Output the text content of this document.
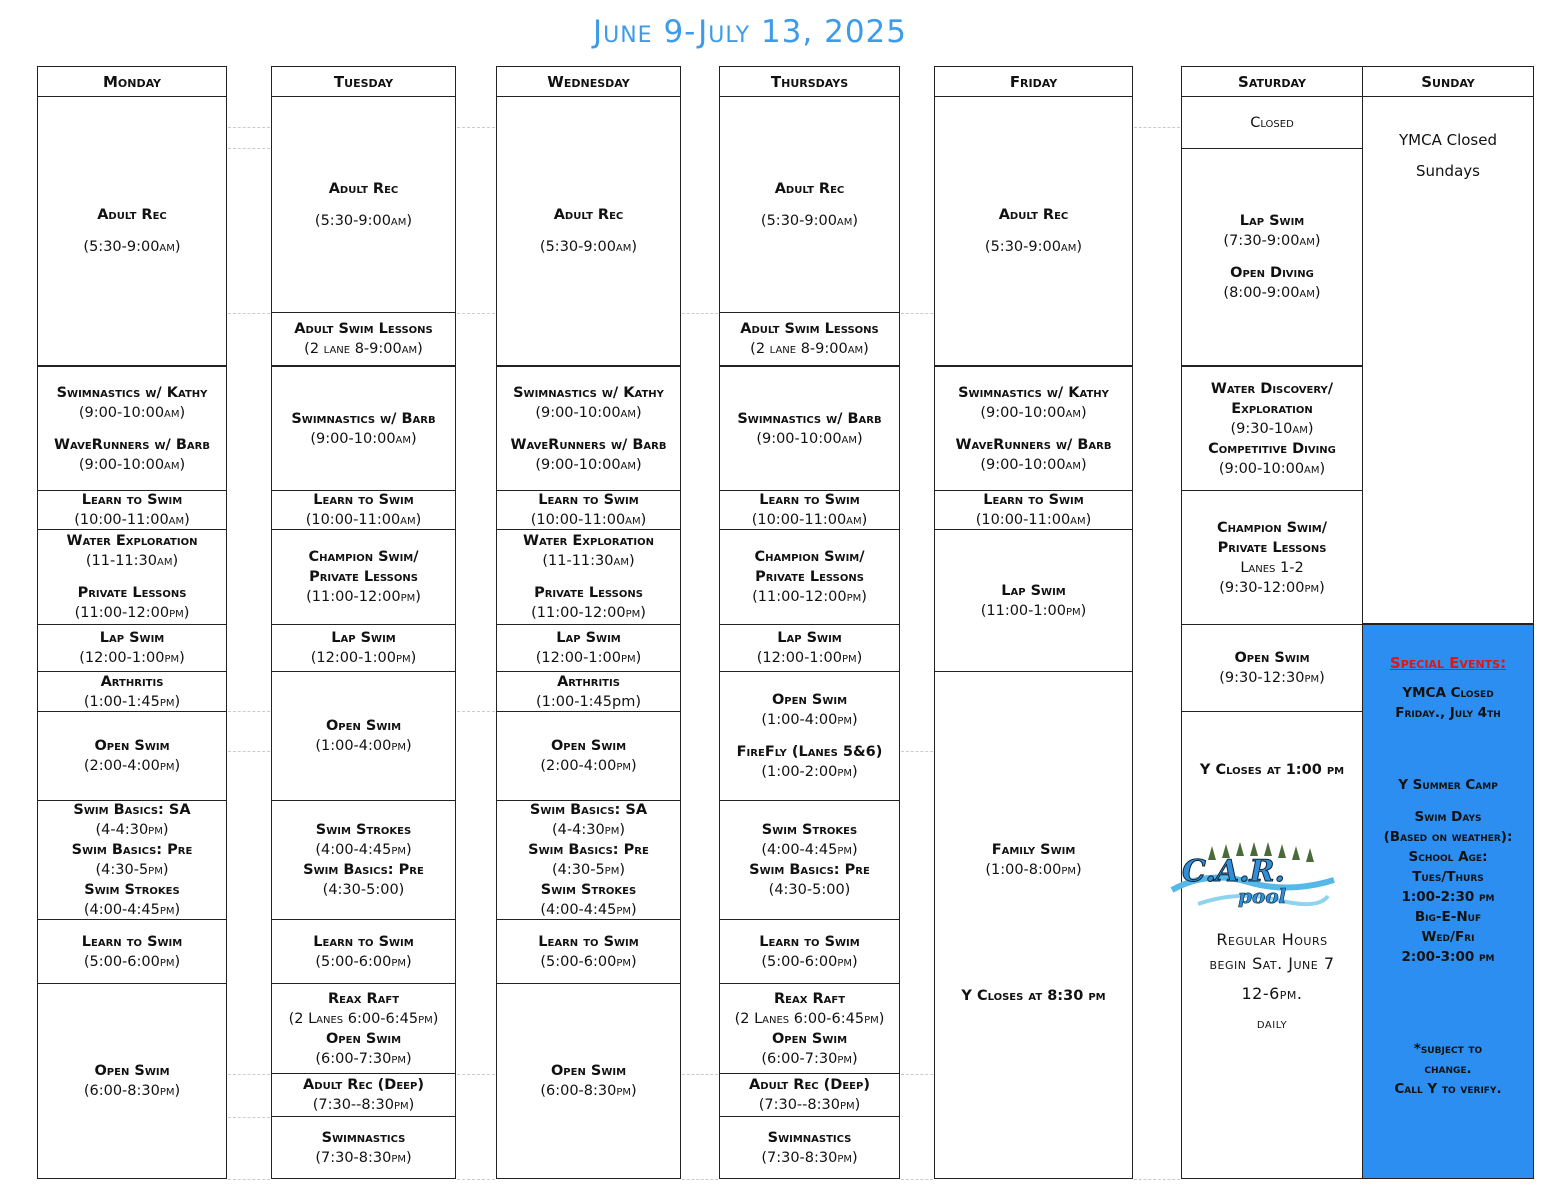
June 9-July 13, 2025
Monday
Adult Rec
(5:30-9:00am)
Swimnastics w/ Kathy
(9:00-10:00am)
WaveRunners w/ Barb
(9:00-10:00am)
Learn to Swim
(10:00-11:00am)
Water Exploration
(11-11:30am)
Private Lessons
(11:00-12:00pm)
Lap Swim
(12:00-1:00pm)
Arthritis
(1:00-1:45pm)
Open Swim
(2:00-4:00pm)
Swim Basics: SA
(4-4:30pm)
Swim Basics: Pre
(4:30-5pm)
Swim Strokes
(4:00-4:45pm)
Learn to Swim
(5:00-6:00pm)
Open Swim
(6:00-8:30pm)
Tuesday
Adult Rec
(5:30-9:00am)
Adult Swim Lessons
(2 lane 8-9:00am)
Swimnastics w/ Barb
(9:00-10:00am)
Learn to Swim
(10:00-11:00am)
Champion Swim/
Private Lessons
(11:00-12:00pm)
Lap Swim
(12:00-1:00pm)
Open Swim
(1:00-4:00pm)
Swim Strokes
(4:00-4:45pm)
Swim Basics: Pre
(4:30-5:00)
Learn to Swim
(5:00-6:00pm)
Reax Raft
(2 Lanes 6:00-6:45pm)
Open Swim
(6:00-7:30pm)
Adult Rec (Deep)
(7:30--8:30pm)
Swimnastics
(7:30-8:30pm)
Wednesday
Adult Rec
(5:30-9:00am)
Swimnastics w/ Kathy
(9:00-10:00am)
WaveRunners w/ Barb
(9:00-10:00am)
Learn to Swim
(10:00-11:00am)
Water Exploration
(11-11:30am)
Private Lessons
(11:00-12:00pm)
Lap Swim
(12:00-1:00pm)
Arthritis
(1:00-1:45pm)
Open Swim
(2:00-4:00pm)
Swim Basics: SA
(4-4:30pm)
Swim Basics: Pre
(4:30-5pm)
Swim Strokes
(4:00-4:45pm)
Learn to Swim
(5:00-6:00pm)
Open Swim
(6:00-8:30pm)
Thursdays
Adult Rec
(5:30-9:00am)
Adult Swim Lessons
(2 lane 8-9:00am)
Swimnastics w/ Barb
(9:00-10:00am)
Learn to Swim
(10:00-11:00am)
Champion Swim/
Private Lessons
(11:00-12:00pm)
Lap Swim
(12:00-1:00pm)
Open Swim
(1:00-4:00pm)
FireFly (Lanes 5&6)
(1:00-2:00pm)
Swim Strokes
(4:00-4:45pm)
Swim Basics: Pre
(4:30-5:00)
Learn to Swim
(5:00-6:00pm)
Reax Raft
(2 Lanes 6:00-6:45pm)
Open Swim
(6:00-7:30pm)
Adult Rec (Deep)
(7:30--8:30pm)
Swimnastics
(7:30-8:30pm)
Friday
Adult Rec
(5:30-9:00am)
Swimnastics w/ Kathy
(9:00-10:00am)
WaveRunners w/ Barb
(9:00-10:00am)
Learn to Swim
(10:00-11:00am)
Lap Swim
(11:00-1:00pm)
Family Swim
(1:00-8:00pm)
Y Closes at 8:30 pm
Saturday
Closed
Lap Swim
(7:30-9:00am)
Open Diving
(8:00-9:00am)
Water Discovery/
Exploration
(9:30-10am)
Competitive Diving
(9:00-10:00am)
Champion Swim/
Private Lessons
Lanes 1-2
(9:30-12:00pm)
Open Swim
(9:30-12:30pm)
Y Closes at 1:00 pm
C.A.R.
pool
Regular Hours
begin Sat. June 7
12-6pm.
daily
Sunday
YMCA Closed
Sundays
Special Events:
YMCA Closed
Friday., July 4th
Y Summer Camp
Swim Days
(Based on weather):
School Age:
Tues/Thurs
1:00-2:30 pm
Big-E-Nuf
Wed/Fri
2:00-3:00 pm
*subject to
change.
Call Y to verify.
